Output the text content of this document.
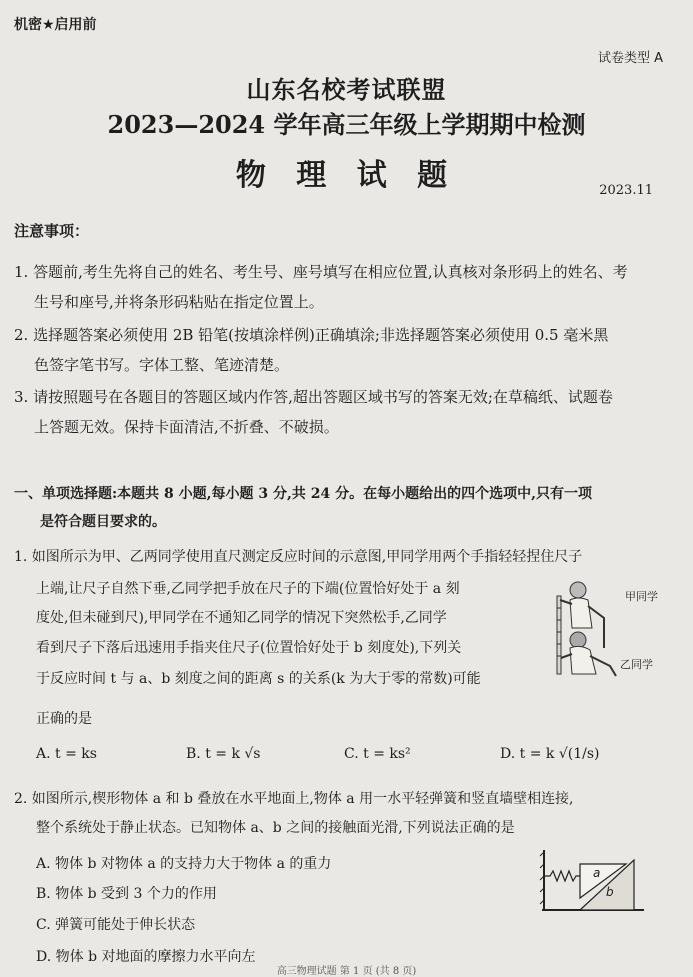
机密★启用前
试卷类型 A
山东名校考试联盟
2023—2024 学年高三年级上学期期中检测
物 理 试 题	2023.11
注意事项：
1. 答题前,考生先将自己的姓名、考生号、座号填写在相应位置,认真核对条形码上的姓名、考
生号和座号,并将条形码粘贴在指定位置上。
2. 选择题答案必须使用 2B 铅笔(按填涂样例)正确填涂;非选择题答案必须使用 0.5 毫米黑
色签字笔书写。字体工整、笔迹清楚。
3. 请按照题号在各题目的答题区域内作答,超出答题区域书写的答案无效;在草稿纸、试题卷
上答题无效。保持卡面清洁,不折叠、不破损。
一、单项选择题:本题共 8 小题,每小题 3 分,共 24 分。在每小题给出的四个选项中,只有一项
是符合题目要求的。
1. 如图所示为甲、乙两同学使用直尺测定反应时间的示意图,甲同学用两个手指轻轻捏住尺子
上端,让尺子自然下垂,乙同学把手放在尺子的下端(位置恰好处于 a 刻
度处,但未碰到尺),甲同学在不通知乙同学的情况下突然松手,乙同学
看到尺子下落后迅速用手指夹住尺子(位置恰好处于 b 刻度处),下列关
于反应时间 t 与 a、b 刻度之间的距离 s 的关系(k 为大于零的常数)可能
正确的是
甲同学
乙同学
A. t = ks	B. t = k √s	C. t = ks²	D. t = k √(1/s)
2. 如图所示,楔形物体 a 和 b 叠放在水平地面上,物体 a 用一水平轻弹簧和竖直墙壁相连接,
整个系统处于静止状态。已知物体 a、b 之间的接触面光滑,下列说法正确的是
A. 物体 b 对物体 a 的支持力大于物体 a 的重力
B. 物体 b 受到 3 个力的作用
C. 弹簧可能处于伸长状态
D. 物体 b 对地面的摩擦力水平向左
a
b
高三物理试题 第 1 页 (共 8 页)
